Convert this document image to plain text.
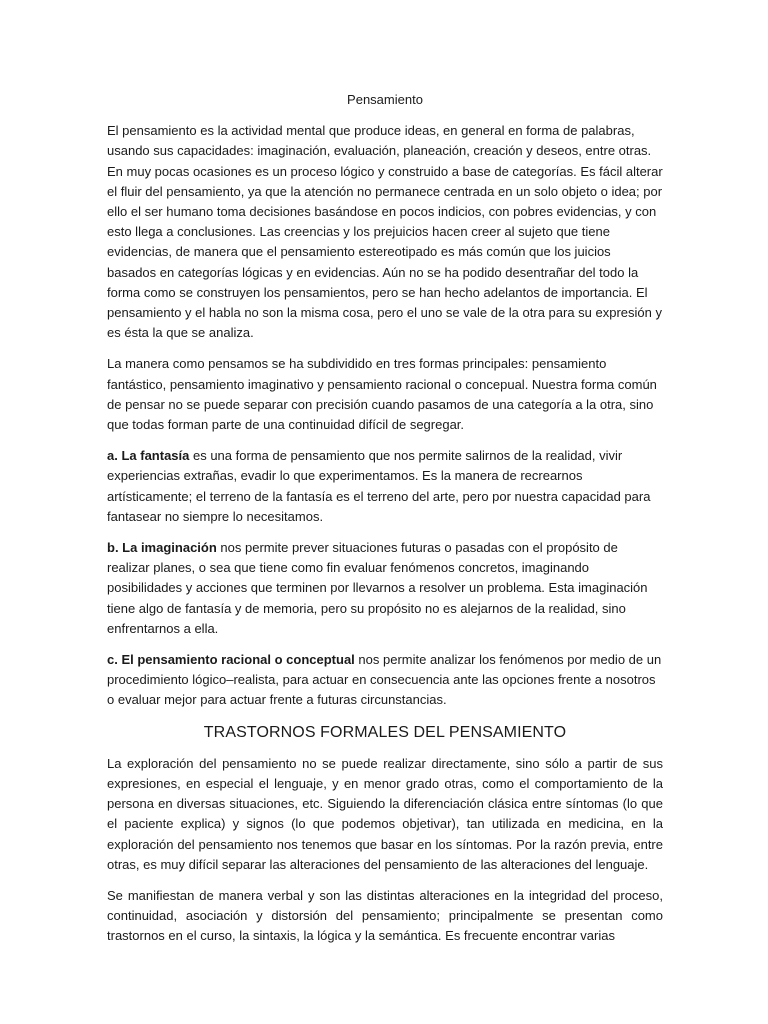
Pensamiento

El pensamiento es la actividad mental que produce ideas, en general en forma de palabras, usando sus capacidades: imaginación, evaluación, planeación, creación y deseos, entre otras. En muy pocas ocasiones es un proceso lógico y construido a base de categorías. Es fácil alterar el fluir del pensamiento, ya que la atención no permanece centrada en un solo objeto o idea; por ello el ser humano toma decisiones basándose en pocos indicios, con pobres evidencias, y con esto llega a conclusiones. Las creencias y los prejuicios hacen creer al sujeto que tiene evidencias, de manera que el pensamiento estereotipado es más común que los juicios basados en categorías lógicas y en evidencias. Aún no se ha podido desentrañar del todo la forma como se construyen los pensamientos, pero se han hecho adelantos de importancia. El pensamiento y el habla no son la misma cosa, pero el uno se vale de la otra para su expresión y es ésta la que se analiza.

La manera como pensamos se ha subdividido en tres formas principales: pensamiento fantástico, pensamiento imaginativo y pensamiento racional o concepual. Nuestra forma común de pensar no se puede separar con precisión cuando pasamos de una categoría a la otra, sino que todas forman parte de una continuidad difícil de segregar.

a. La fantasía es una forma de pensamiento que nos permite salirnos de la realidad, vivir experiencias extrañas, evadir lo que experimentamos. Es la manera de recrearnos artísticamente; el terreno de la fantasía es el terreno del arte, pero por nuestra capacidad para fantasear no siempre lo necesitamos.

b. La imaginación nos permite prever situaciones futuras o pasadas con el propósito de realizar planes, o sea que tiene como fin evaluar fenómenos concretos, imaginando posibilidades y acciones que terminen por llevarnos a resolver un problema. Esta imaginación tiene algo de fantasía y de memoria, pero su propósito no es alejarnos de la realidad, sino enfrentarnos a ella.

c. El pensamiento racional o conceptual nos permite analizar los fenómenos por medio de un procedimiento lógico–realista, para actuar en consecuencia ante las opciones frente a nosotros o evaluar mejor para actuar frente a futuras circunstancias.

TRASTORNOS FORMALES DEL PENSAMIENTO

La exploración del pensamiento no se puede realizar directamente, sino sólo a partir de sus expresiones, en especial el lenguaje, y en menor grado otras, como el comportamiento de la persona en diversas situaciones, etc. Siguiendo la diferenciación clásica entre síntomas (lo que el paciente explica) y signos (lo que podemos objetivar), tan utilizada en medicina, en la exploración del pensamiento nos tenemos que basar en los síntomas. Por la razón previa, entre otras, es muy difícil separar las alteraciones del pensamiento de las alteraciones del lenguaje.

Se manifiestan de manera verbal y son las distintas alteraciones en la integridad del proceso, continuidad, asociación y distorsión del pensamiento; principalmente se presentan como trastornos en el curso, la sintaxis, la lógica y la semántica. Es frecuente encontrar varias
